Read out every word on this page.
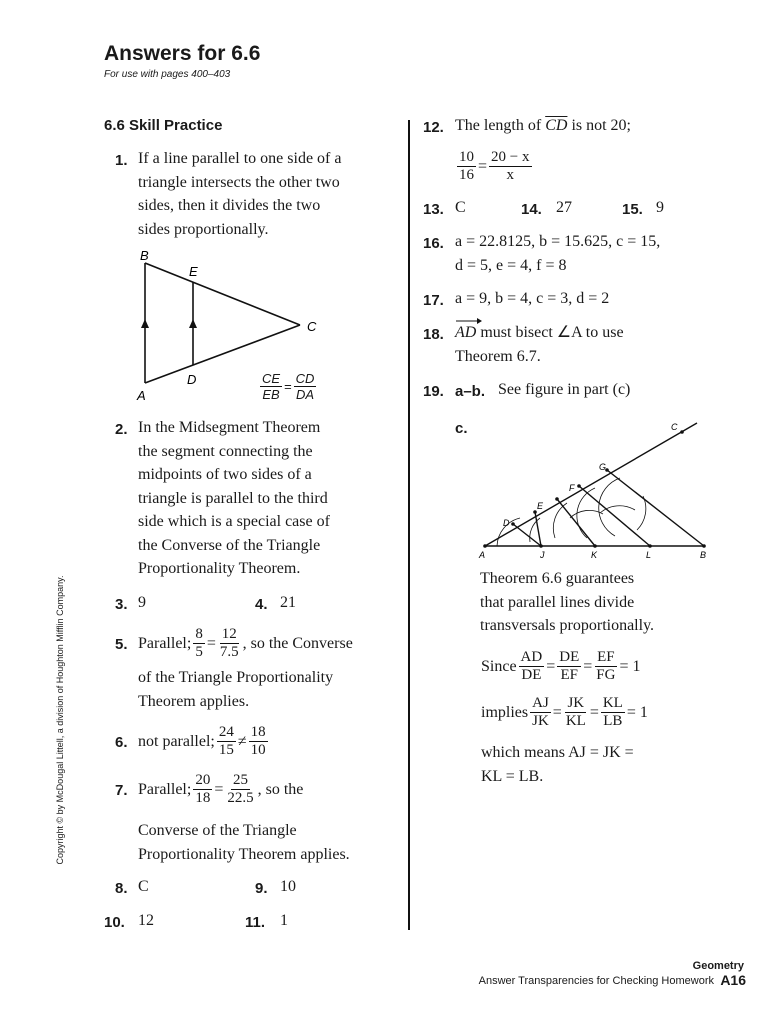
Answers for 6.6
For use with pages 400–403
Copyright © by McDougal Littell, a division of Houghton Mifflin Company.
6.6 Skill Practice
1. If a line parallel to one side of a
triangle intersects the other two
sides, then it divides the two
sides proportionally.
B
E
C
A
D	$\frac{CE}{EB} = \frac{CD}{DA}$
2. In the Midsegment Theorem
the segment connecting the
midpoints of two sides of a
triangle is parallel to the third
side which is a special case of
the Converse of the Triangle
Proportionality Theorem.
3. 9	4. 21
5. Parallel; $\frac{8}{5} = \frac{12}{7.5}$ , so the Converse
of the Triangle Proportionality
Theorem applies.
6. not parallel; $\frac{24}{15} \ne \frac{18}{10}$
7. Parallel; $\frac{20}{18} = \frac{25}{22.5}$ , so the
Converse of the Triangle
Proportionality Theorem applies.
8. C	9. 10
10. 12	11. 1
12. The length of $\overline{CD}$ is not 20;
$\frac{10}{16} = \frac{20 - x}{x}$
13. C	14. 27	15. 9
16. a = 22.8125, b = 15.625, c = 15,
d = 5, e = 4, f = 8
17. a = 9, b = 4, c = 3, d = 2
18. AD must bisect ∠A to use
Theorem 6.7.
19. a–b. See figure in part (c)
c.
A	J	K	L	B
D
E
F
G
C
Theorem 6.6 guarantees
that parallel lines divide
transversals proportionally.
Since $\frac{AD}{DE} = \frac{DE}{EF} = \frac{EF}{FG} = 1$
implies $\frac{AJ}{JK} = \frac{JK}{KL} = \frac{KL}{LB} = 1$
which means AJ = JK =
KL = LB.
Geometry
Answer Transparencies for Checking Homework A16
